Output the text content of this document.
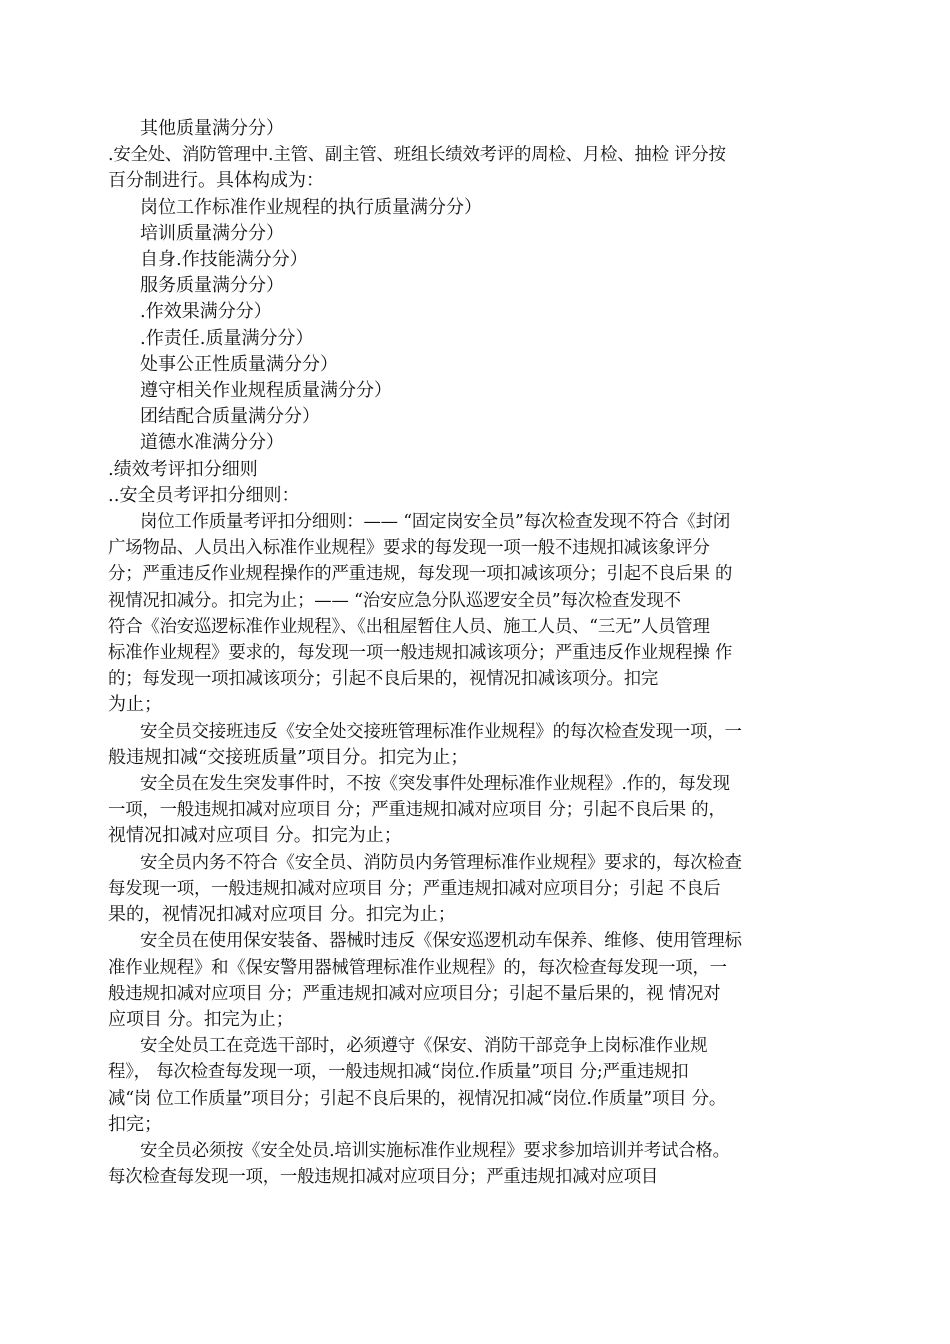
其他质量满分分）
.安全处、消防管理中.主管、副主管、班组长绩效考评的周检、月检、抽检 评分按
百分制进行。具体构成为：
岗位工作标准作业规程的执行质量满分分）
培训质量满分分）
自身.作技能满分分）
服务质量满分分）
.作效果满分分）
.作责任.质量满分分）
处事公正性质量满分分）
遵守相关作业规程质量满分分）
团结配合质量满分分）
道德水准满分分）
.绩效考评扣分细则
..安全员考评扣分细则：
岗位工作质量考评扣分细则：—— “固定岗安全员”每次检查发现不符合《封闭
广场物品、人员出入标准作业规程》要求的每发现一项一般不违规扣减该象评分
分；严重违反作业规程操作的严重违规，每发现一项扣减该项分；引起不良后果 的
视情况扣减分。扣完为止；—— “治安应急分队巡逻安全员”每次检查发现不
符合《治安巡逻标准作业规程》、《出租屋暂住人员、施工人员、“三无”人员管理
标准作业规程》要求的，每发现一项一般违规扣减该项分；严重违反作业规程操 作
的；每发现一项扣减该项分；引起不良后果的，视情况扣减该项分。扣完
为止；
安全员交接班违反《安全处交接班管理标准作业规程》的每次检查发现一项，一
般违规扣减“交接班质量”项目分。扣完为止；
安全员在发生突发事件时，不按《突发事件处理标准作业规程》.作的，每发现
一项，一般违规扣减对应项目 分；严重违规扣减对应项目 分；引起不良后果 的，
视情况扣减对应项目 分。扣完为止；
安全员内务不符合《安全员、消防员内务管理标准作业规程》要求的，每次检查
每发现一项，一般违规扣减对应项目 分；严重违规扣减对应项目分；引起 不良后
果的，视情况扣减对应项目 分。扣完为止；
安全员在使用保安装备、器械时违反《保安巡逻机动车保养、维修、使用管理标
准作业规程》和《保安警用器械管理标准作业规程》的，每次检查每发现一项，一
般违规扣减对应项目 分；严重违规扣减对应项目分；引起不量后果的，视 情况对
应项目 分。扣完为止；
安全处员工在竞选干部时，必须遵守《保安、消防干部竞争上岗标准作业规
程》， 每次检查每发现一项，一般违规扣减“岗位.作质量”项目 分;严重违规扣
减“岗 位工作质量”项目分；引起不良后果的，视情况扣减“岗位.作质量”项目 分。
扣完；
安全员必须按《安全处员.培训实施标准作业规程》要求参加培训并考试合格。
每次检查每发现一项，一般违规扣减对应项目分；严重违规扣减对应项目
